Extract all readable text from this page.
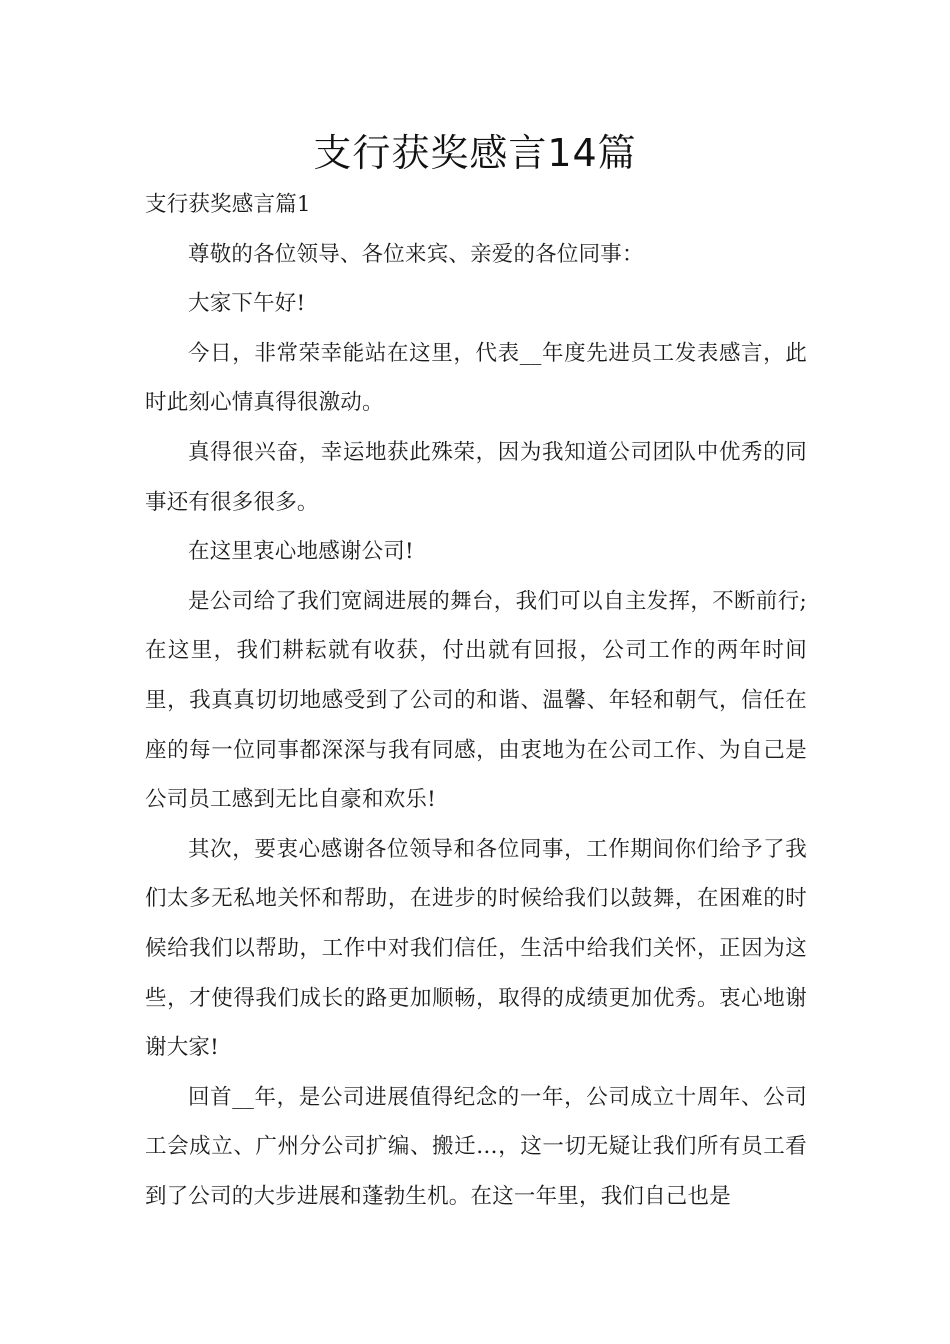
支行获奖感言14篇

支行获奖感言篇1

尊敬的各位领导、各位来宾、亲爱的各位同事：

大家下午好!

今日，非常荣幸能站在这里，代表__年度先进员工发表感言，此时此刻心情真得很激动。

真得很兴奋，幸运地获此殊荣，因为我知道公司团队中优秀的同事还有很多很多。

在这里衷心地感谢公司!

是公司给了我们宽阔进展的舞台，我们可以自主发挥，不断前行;在这里，我们耕耘就有收获，付出就有回报，公司工作的两年时间里，我真真切切地感受到了公司的和谐、温馨、年轻和朝气，信任在座的每一位同事都深深与我有同感，由衷地为在公司工作、为自己是公司员工感到无比自豪和欢乐!

其次，要衷心感谢各位领导和各位同事，工作期间你们给予了我们太多无私地关怀和帮助，在进步的时候给我们以鼓舞，在困难的时候给我们以帮助，工作中对我们信任，生活中给我们关怀，正因为这些，才使得我们成长的路更加顺畅，取得的成绩更加优秀。衷心地谢谢大家!

回首__年，是公司进展值得纪念的一年，公司成立十周年、公司工会成立、广州分公司扩编、搬迁…，这一切无疑让我们所有员工看到了公司的大步进展和蓬勃生机。在这一年里，我们自己也是
